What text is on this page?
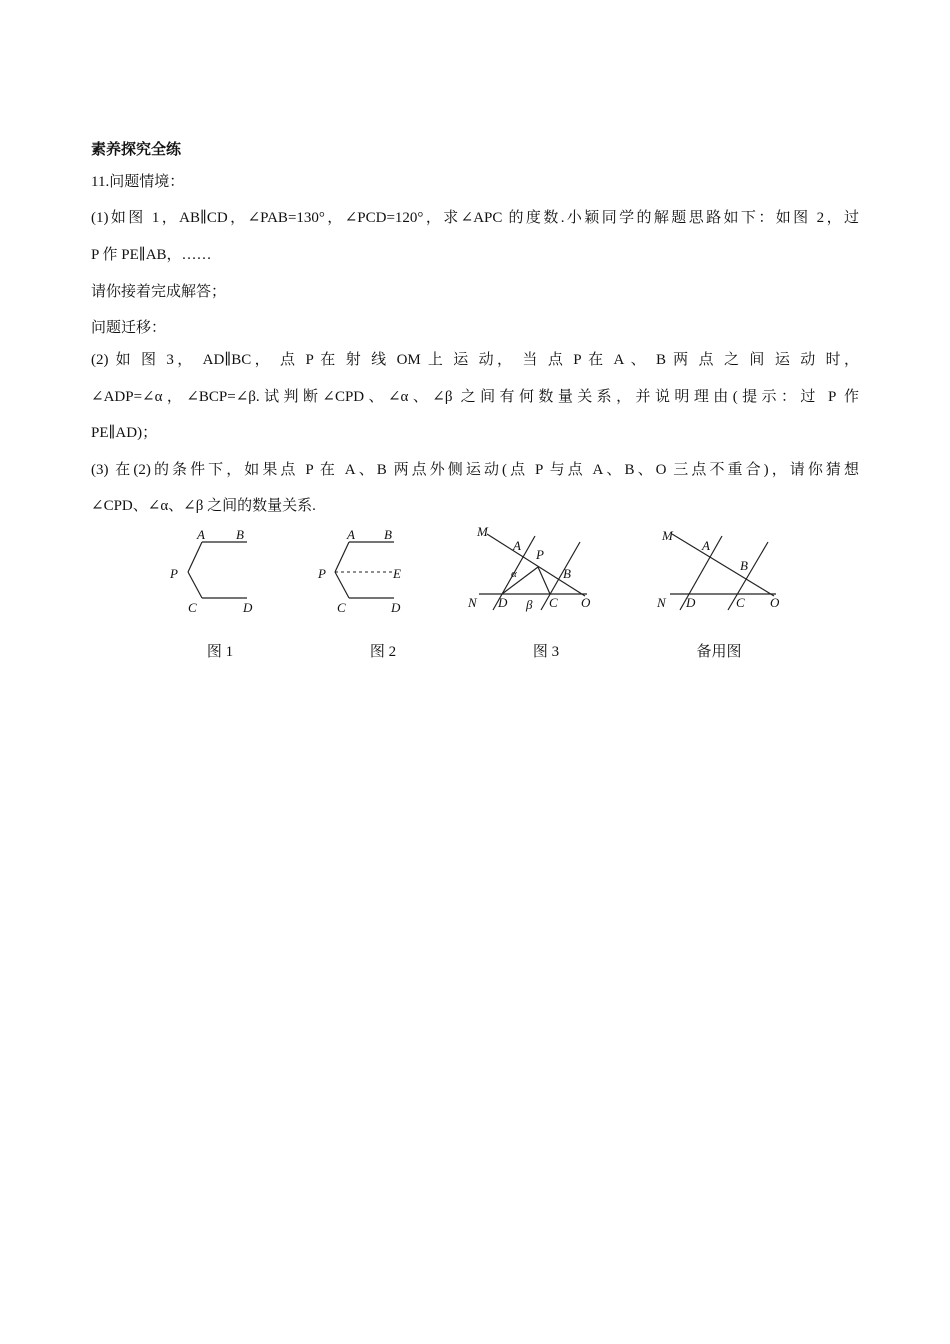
素养探究全练
11.问题情境：
(1)如图 1，AB∥CD，∠PAB=130°，∠PCD=120°，求∠APC 的度数.小颖同学的解题思路如下：如图 2，过
P 作 PE∥AB，……
请你接着完成解答；
问题迁移：
(2) 如 图 3， AD∥BC， 点 P 在 射 线 OM 上 运 动， 当 点 P 在 A 、 B 两 点 之 间 运 动 时，
∠ADP=∠α，∠BCP=∠β.试判断∠CPD、∠α、∠β 之间有何数量关系，并说明理由(提示：过 P 作
PE∥AD)；
(3) 在(2)的条件下，如果点 P 在 A、B 两点外侧运动(点 P 与点 A、B、O 三点不重合)，请你猜想
∠CPD、∠α、∠β 之间的数量关系.
A B
P
C	D
A B
P	E
C	D
M
A
P
B
N D	C O
α
β
M
A
B
N D	C O
图 1	图 2	图 3	备用图
